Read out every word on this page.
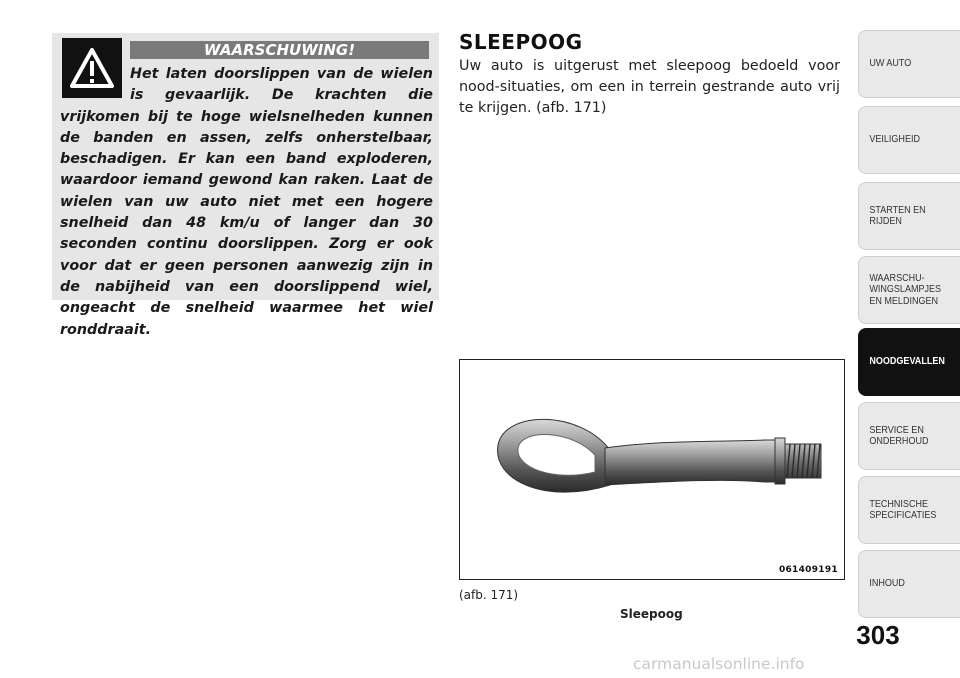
WAARSCHUWING!
Het laten doorslippen van de wielen is gevaarlijk. De krachten die vrijkomen bij te hoge wielsnelheden kunnen de banden en assen, zelfs onherstelbaar, beschadigen. Er kan een band exploderen, waardoor iemand gewond kan raken. Laat de wielen van uw auto niet met een hogere snelheid dan 48 km/u of langer dan 30 seconden continu doorslippen. Zorg er ook voor dat er geen personen aanwezig zijn in de nabijheid van een doorslippend wiel, ongeacht de snelheid waarmee het wiel ronddraait.
SLEEPOOG
Uw auto is uitgerust met sleepoog bedoeld voor nood-situaties, om een in terrein gestrande auto vrij te krijgen. (afb. 171)
061409191
(afb. 171)
Sleepoog
UW AUTO
VEILIGHEID
STARTEN EN
RIJDEN
WAARSCHU-
WINGSLAMPJES
EN MELDINGEN
NOODGEVALLEN
SERVICE EN
ONDERHOUD
TECHNISCHE
SPECIFICATIES
INHOUD
303
carmanualsonline.info
